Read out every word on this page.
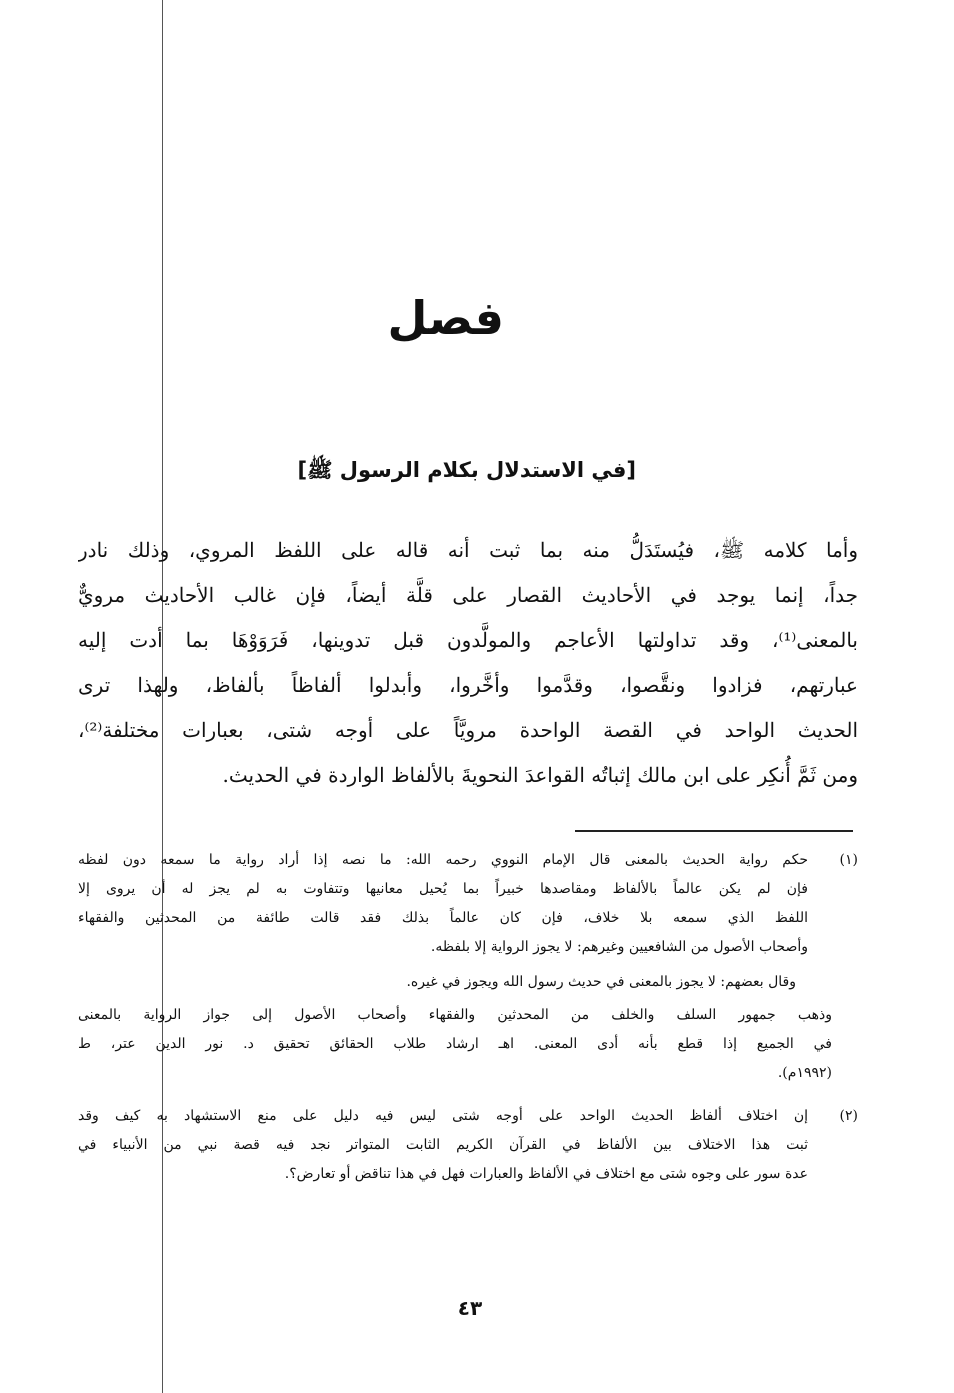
فصل
[في الاستدلال بكلام الرسول ﷺ]
وأما كلامه ﷺ، فيُستَدَلُّ منه بما ثبت أنه قاله على اللفظ المروي، وذلك نادر
جداً، إنما يوجد في الأحاديث القصار على قلَّة أيضاً، فإن غالب الأحاديث مرويٌّ
بالمعنى⁽¹⁾، وقد تداولتها الأعاجم والمولَّدون قبل تدوينها، فَرَوَوْهَا بما أدت إليه
عبارتهم، فزادوا ونقَّصوا، وقدَّموا وأخَّروا، وأبدلوا ألفاظاً بألفاظ، ولهذا ترى
الحديث الواحد في القصة الواحدة مرويَّاً على أوجه شتى، بعبارات مختلفة⁽²⁾،
ومن ثَمَّ أُنكِر على ابن مالك إثباتُه القواعدَ النحويةَ بالألفاظ الواردة في الحديث.
(١)
حكم رواية الحديث بالمعنى قال الإمام النووي رحمه الله: ما نصه إذا أراد رواية ما سمعه دون لفظه
فإن لم يكن عالماً بالألفاظ ومقاصدها خبيراً بما يُحيل معانيها وتتفاوت به لم يجز له أن يروى إلا
اللفظ الذي سمعه بلا خلاف، فإن كان عالماً بذلك فقد قالت طائفة من المحدثين والفقهاء
وأصحاب الأصول من الشافعيين وغيرهم: لا يجوز الرواية إلا بلفظه.
وقال بعضهم: لا يجوز بالمعنى في حديث رسول الله ويجوز في غيره.
وذهب جمهور السلف والخلف من المحدثين والفقهاء وأصحاب الأصول إلى جواز الرواية بالمعنى
في الجميع إذا قطع بأنه أدى المعنى. اهـ ارشاد طلاب الحقائق تحقيق د. نور الدين عتر، ط
(١٩٩٢م).
(٢)
إن اختلاف ألفاظ الحديث الواحد على أوجه شتى ليس فيه دليل على منع الاستشهاد به كيف وقد
ثبت هذا الاختلاف بين الألفاظ في القرآن الكريم الثابت المتواتر نجد فيه قصة نبي من الأنبياء في
عدة سور على وجوه شتى مع اختلاف في الألفاظ والعبارات فهل في هذا تناقض أو تعارض؟.
٤٣
